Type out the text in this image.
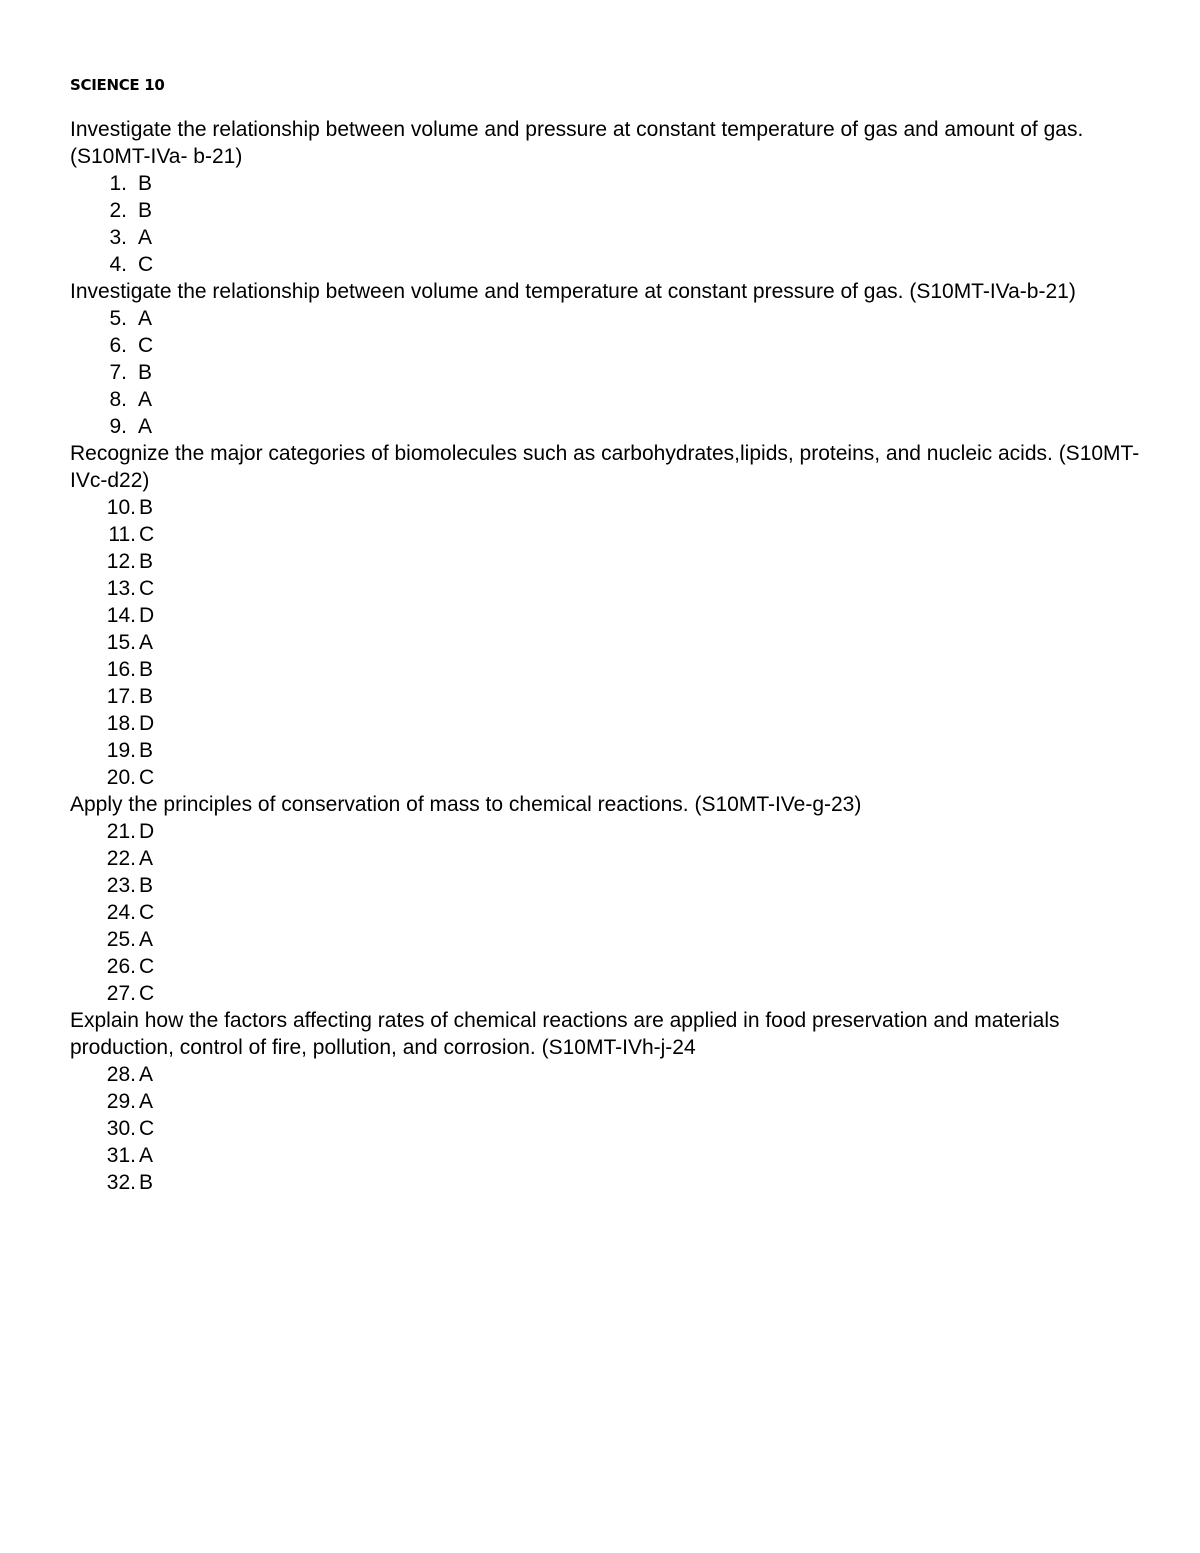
SCIENCE 10

Investigate the relationship between volume and pressure at constant temperature of gas and amount of gas. (S10MT-IVa- b-21)

1. B
2. B
3. A
4. C

Investigate the relationship between volume and temperature at constant pressure of gas. (S10MT-IVa-b-21)

5. A
6. C
7. B
8. A
9. A

Recognize the major categories of biomolecules such as carbohydrates,lipids, proteins, and nucleic acids. (S10MT-IVc-d22)

10. B
11. C
12. B
13. C
14. D
15. A
16. B
17. B
18. D
19. B
20. C

Apply the principles of conservation of mass to chemical reactions. (S10MT-IVe-g-23)

21. D
22. A
23. B
24. C
25. A
26. C
27. C

Explain how the factors affecting rates of chemical reactions are applied in food preservation and materials production, control of fire, pollution, and corrosion. (S10MT-IVh-j-24

28. A
29. A
30. C
31. A
32. B
